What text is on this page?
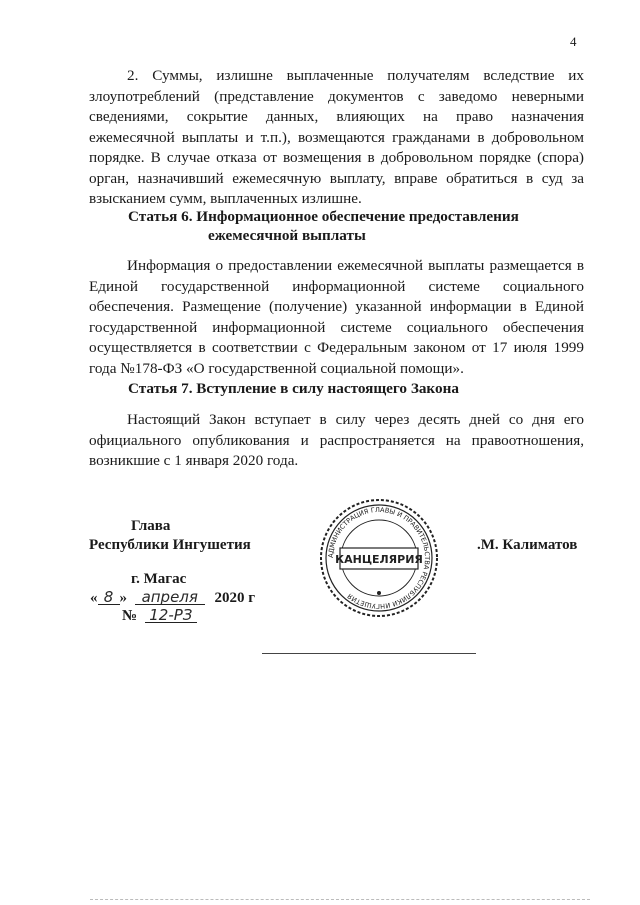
4

2. Суммы, излишне выплаченные получателям вследствие их злоупотреблений (представление документов с заведомо неверными сведениями, сокрытие данных, влияющих на право назначения ежемесячной выплаты и т.п.), возмещаются гражданами в добровольном порядке. В случае отказа от возмещения в добровольном порядке (спора) орган, назначивший ежемесячную выплату, вправе обратиться в суд за взысканием сумм, выплаченных излишне.

Статья 6. Информационное обеспечение предоставления

ежемесячной выплаты

Информация о предоставлении ежемесячной выплаты размещается в Единой государственной информационной системе социального обеспечения. Размещение (получение) указанной информации в Единой государственной информационной системе социального обеспечения осуществляется в соответствии с Федеральным законом от 17 июля 1999 года №178-ФЗ «О государственной социальной помощи».

Статья 7. Вступление в силу настоящего Закона

Настоящий Закон вступает в силу через десять дней со дня его официального опубликования и распространяется на правоотношения, возникшие с 1 января 2020 года.

Глава

Республики Ингушетия	.М. Калиматов

г. Магас

« 8 » апреля 2020 г

№ 12-РЗ

АДМИНИСТРАЦИЯ ГЛАВЫ И ПРАВИТЕЛЬСТВА РЕСПУБЛИКИ ИНГУШЕТИЯ
КАНЦЕЛЯРИЯ
